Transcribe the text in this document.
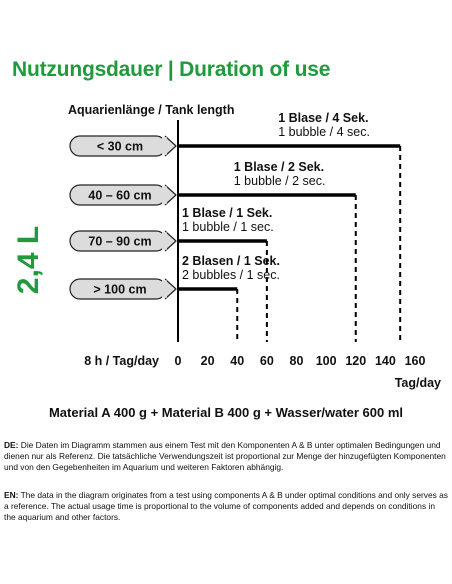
Nutzungsdauer | Duration of use
2,4 L
Aquarienlänge / Tank length
< 30 cm
1 Blase / 4 Sek.
1 bubble / 4 sec.
40 – 60 cm
1 Blase / 2 Sek.
1 bubble / 2 sec.
70 – 90 cm
1 Blase / 1 Sek.
1 bubble / 1 sec.
> 100 cm
2 Blasen / 1 Sek.
2 bubbles / 1 sec.
8 h / Tag/day 0 20 40 60 80 100 120 140 160
Tag/day
Material A 400 g + Material B 400 g + Wasser/water 600 ml
DE: Die Daten im Diagramm stammen aus einem Test mit den Komponenten A & B unter optimalen Bedingungen und dienen nur als Referenz. Die tatsächliche Verwendungszeit ist proportional zur Menge der hinzugefügten Komponenten und von den Gegebenheiten im Aquarium und weiteren Faktoren abhängig.
EN: The data in the diagram originates from a test using components A & B under optimal conditions and only serves as a reference. The actual usage time is proportional to the volume of components added and depends on conditions in the aquarium and other factors.
